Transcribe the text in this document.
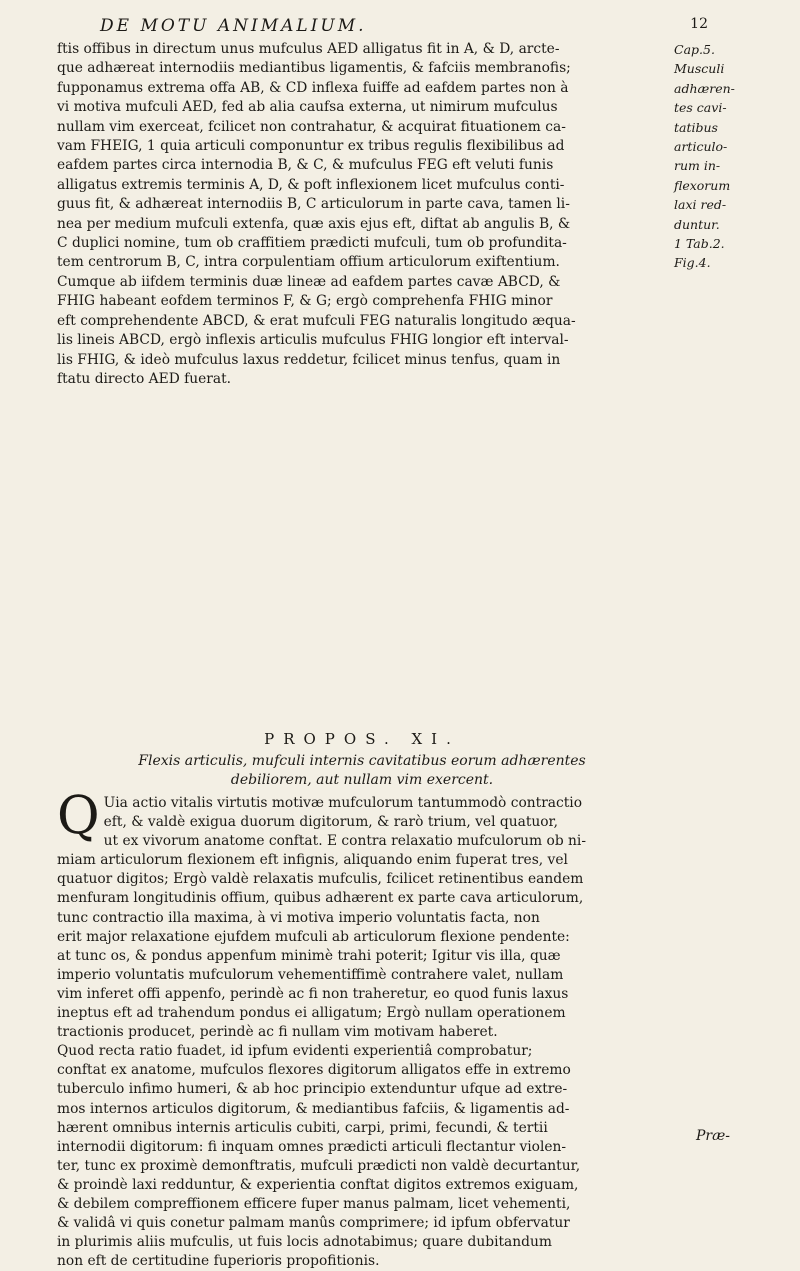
DE MOTU ANIMALIUM.	12
ftis offibus in directum unus mufculus AED alligatus fit in A, & D, arcte-
que adhæreat internodiis mediantibus ligamentis, & fafciis membranofis;
fupponamus extrema offa AB, & CD inflexa fuiffe ad eafdem partes non à
vi motiva mufculi AED, fed ab alia caufsa externa, ut nimirum mufculus
nullam vim exerceat, fcilicet non contrahatur, & acquirat fituationem ca-
vam FHEIG, 1 quia articuli componuntur ex tribus regulis flexibilibus ad
eafdem partes circa internodia B, & C, & mufculus FEG eft veluti funis
alligatus extremis terminis A, D, & poft inflexionem licet mufculus conti-
guus fit, & adhæreat internodiis B, C articulorum in parte cava, tamen li-
nea per medium mufculi extenfa, quæ axis ejus eft, diftat ab angulis B, &
C duplici nomine, tum ob craffitiem prædicti mufculi, tum ob profundita-
tem centrorum B, C, intra corpulentiam offium articulorum exiftentium.
Cumque ab iifdem terminis duæ lineæ ad eafdem partes cavæ ABCD, &
FHIG habeant eofdem terminos F, & G; ergò comprehenfa FHIG minor
eft comprehendente ABCD, & erat mufculi FEG naturalis longitudo æqua-
lis lineis ABCD, ergò inflexis articulis mufculus FHIG longior eft interval-
lis FHIG, & ideò mufculus laxus reddetur, fcilicet minus tenfus, quam in
ftatu directo AED fuerat.
Cap.5.
Musculi
adhæren-
tes cavi-
tatibus
articulo-
rum in-
flexorum
laxi red-
duntur.
1 Tab.2.
Fig.4.
PROPOS. XI.
Flexis articulis, mufculi internis cavitatibus eorum adhærentes
debiliorem, aut nullam vim exercent.
Q Uia actio vitalis virtutis motivæ mufculorum tantummodò contractio
eft, & valdè exigua duorum digitorum, & rarò trium, vel quatuor,
ut ex vivorum anatome conftat. E contra relaxatio mufculorum ob ni-
miam articulorum flexionem eft infignis, aliquando enim fuperat tres, vel
quatuor digitos; Ergò valdè relaxatis mufculis, fcilicet retinentibus eandem
menfuram longitudinis offium, quibus adhærent ex parte cava articulorum,
tunc contractio illa maxima, à vi motiva imperio voluntatis facta, non
erit major relaxatione ejufdem mufculi ab articulorum flexione pendente:
at tunc os, & pondus appenfum minimè trahi poterit; Igitur vis illa, quæ
imperio voluntatis mufculorum vehementiffimè contrahere valet, nullam
vim inferet offi appenfo, perindè ac fi non traheretur, eo quod funis laxus
ineptus eft ad trahendum pondus ei alligatum; Ergò nullam operationem
tractionis producet, perindè ac fi nullam vim motivam haberet.
Quod recta ratio fuadet, id ipfum evidenti experientiâ comprobatur;
conftat ex anatome, mufculos flexores digitorum alligatos effe in extremo
tuberculo infimo humeri, & ab hoc principio extenduntur ufque ad extre-
mos internos articulos digitorum, & mediantibus fafciis, & ligamentis ad-
hærent omnibus internis articulis cubiti, carpi, primi, fecundi, & tertii
internodii digitorum: fi inquam omnes prædicti articuli flectantur violen-
ter, tunc ex proximè demonftratis, mufculi prædicti non valdè decurtantur,
& proindè laxi redduntur, & experientia conftat digitos extremos exiguam,
& debilem compreffionem efficere fuper manus palmam, licet vehementi,
& validâ vi quis conetur palmam manûs comprimere; id ipfum obfervatur
in plurimis aliis mufculis, ut fuis locis adnotabimus; quare dubitandum
non eft de certitudine fuperioris propofitionis.
Præ-
